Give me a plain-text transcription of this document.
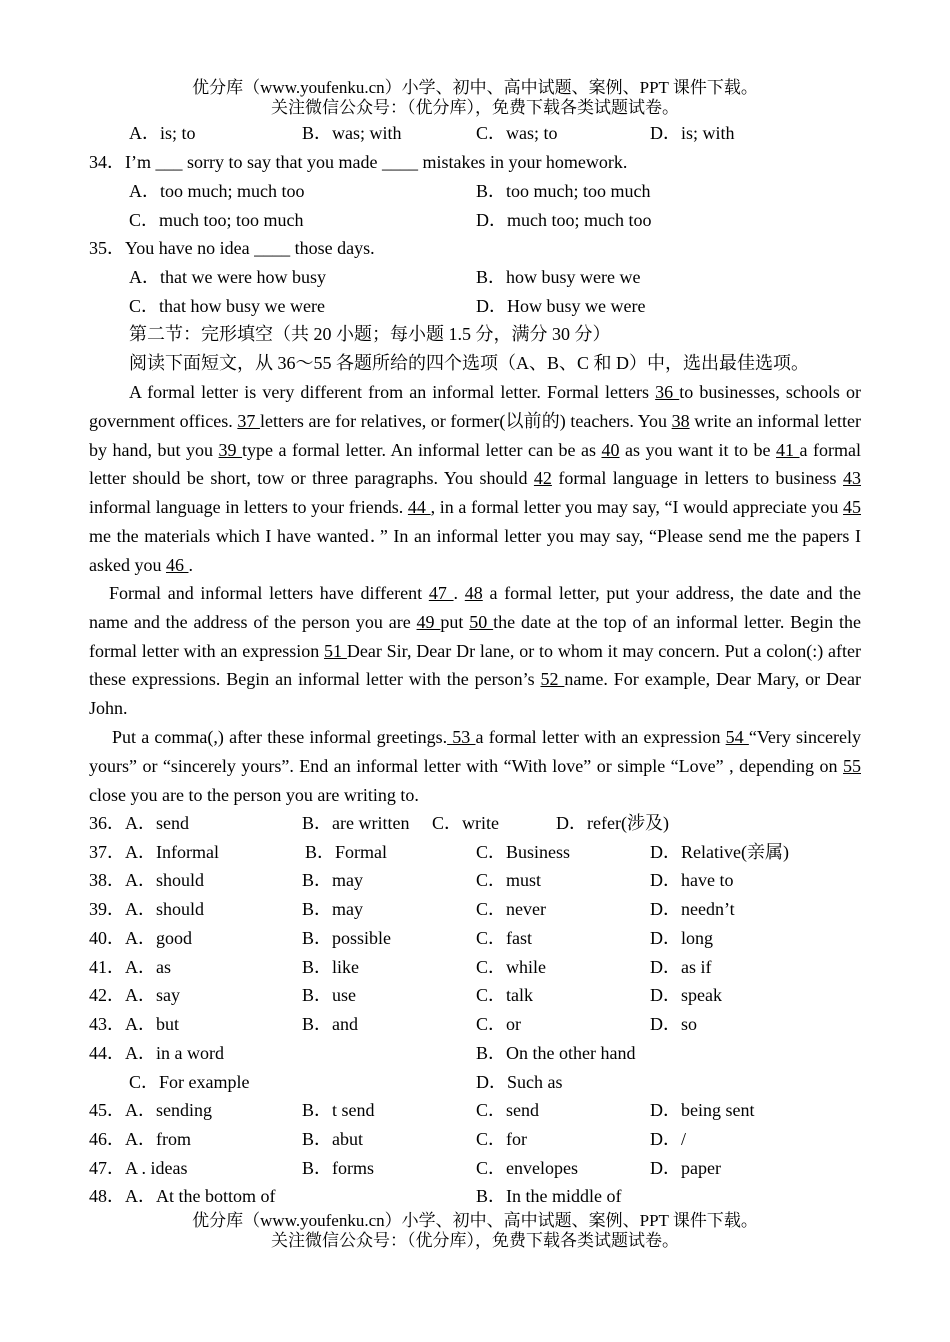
优分库（www.youfenku.cn）小学、初中、高中试题、案例、PPT 课件下载。
关注微信公众号：（优分库），免费下载各类试题试卷。
A．is; to	B．was; with	C．was; to	D．is; with
34．I’m ___ sorry to say that you made ____ mistakes in your homework.
A．too much; much too	B．too much; too much
C．much too; too much	D．much too; much too
35．You have no idea ____ those days.
A．that we were how busy	B．how busy were we
C．that how busy we were	D．How busy we were
第二节：完形填空（共 20 小题；每小题 1.5 分，满分 30 分）
阅读下面短文，从 36～55 各题所给的四个选项（A、B、C 和 D）中，选出最佳选项。
A formal letter is very different from an informal letter. Formal letters 36 to businesses, schools or government offices. 37 letters are for relatives, or former(以前的) teachers. You 38 write an informal letter by hand, but you 39 type a formal letter. An informal letter can be as 40 as you want it to be 41 a formal letter should be short, tow or three paragraphs. You should 42 formal language in letters to business 43 informal language in letters to your friends. 44 , in a formal letter you may say, “I would appreciate you 45 me the materials which I have wanted．” In an informal letter you may say, “Please send me the papers I asked you 46 .
Formal and informal letters have different 47 . 48 a formal letter, put your address, the date and the name and the address of the person you are 49 put 50 the date at the top of an informal letter. Begin the formal letter with an expression 51 Dear Sir, Dear Dr lane, or to whom it may concern. Put a colon(:) after these expressions. Begin an informal letter with the person’s 52 name. For example, Dear Mary, or Dear John.
Put a comma(,) after these informal greetings. 53 a formal letter with an expression 54 “Very sincerely yours” or “sincerely yours”. End an informal letter with “With love” or simple “Love” , depending on 55 close you are to the person you are writing to.
36．A．send	B．are written C．write	D．refer(涉及)
37．A．Informal	B．Formal	C．Business	D．Relative(亲属)
38．A．should	B．may	C．must	D．have to
39．A．should	B．may	C．never	D．needn’t
40．A．good	B．possible	C．fast	D．long
41．A．as	B．like	C．while	D．as if
42．A．say	B．use	C．talk	D．speak
43．A．but	B．and	C．or	D．so
44．A．in a word	B．On the other hand
C．For example	D．Such as
45．A．sending	B．t send	C．send	D．being sent
46．A．from	B．abut	C．for	D．/
47．A . ideas	B．forms	C．envelopes	D．paper
48．A．At the bottom of	B．In the middle of
优分库（www.youfenku.cn）小学、初中、高中试题、案例、PPT 课件下载。
关注微信公众号：（优分库），免费下载各类试题试卷。
